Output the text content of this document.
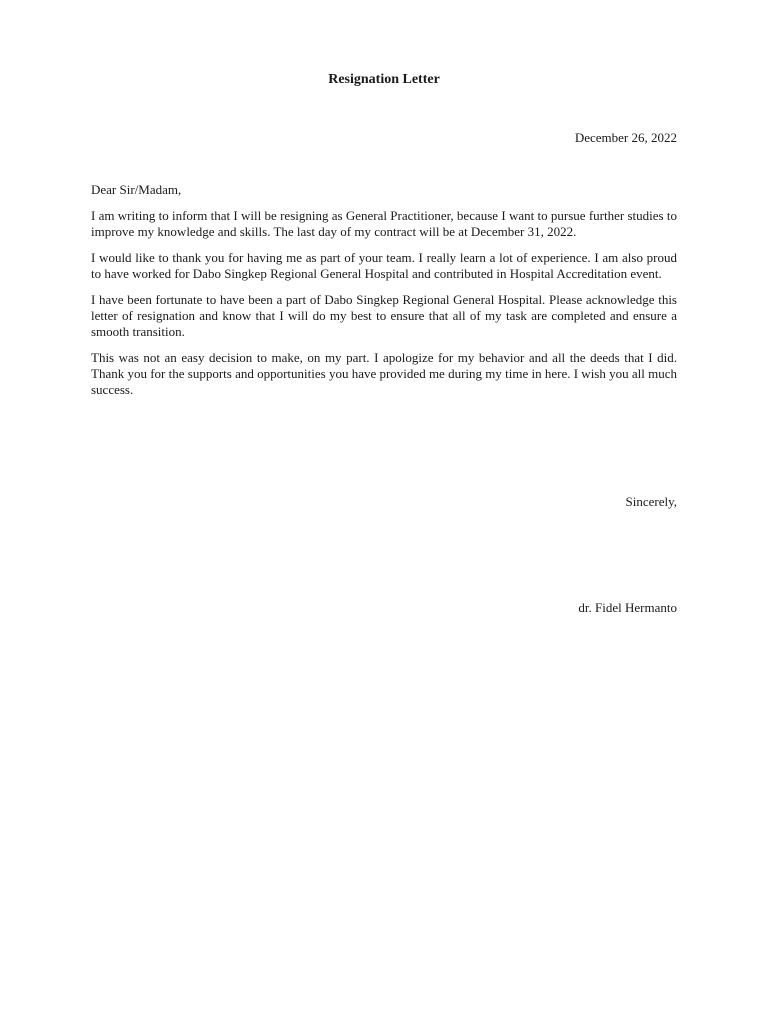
Resignation Letter
December 26, 2022

Dear Sir/Madam,

I am writing to inform that I will be resigning as General Practitioner, because I want to pursue further studies to improve my knowledge and skills. The last day of my contract will be at December 31, 2022.

I would like to thank you for having me as part of your team. I really learn a lot of experience. I am also proud to have worked for Dabo Singkep Regional General Hospital and contributed in Hospital Accreditation event.

I have been fortunate to have been a part of Dabo Singkep Regional General Hospital. Please acknowledge this letter of resignation and know that I will do my best to ensure that all of my task are completed and ensure a smooth transition.

This was not an easy decision to make, on my part. I apologize for my behavior and all the deeds that I did. Thank you for the supports and opportunities you have provided me during my time in here. I wish you all much success.

Sincerely,
dr. Fidel Hermanto
